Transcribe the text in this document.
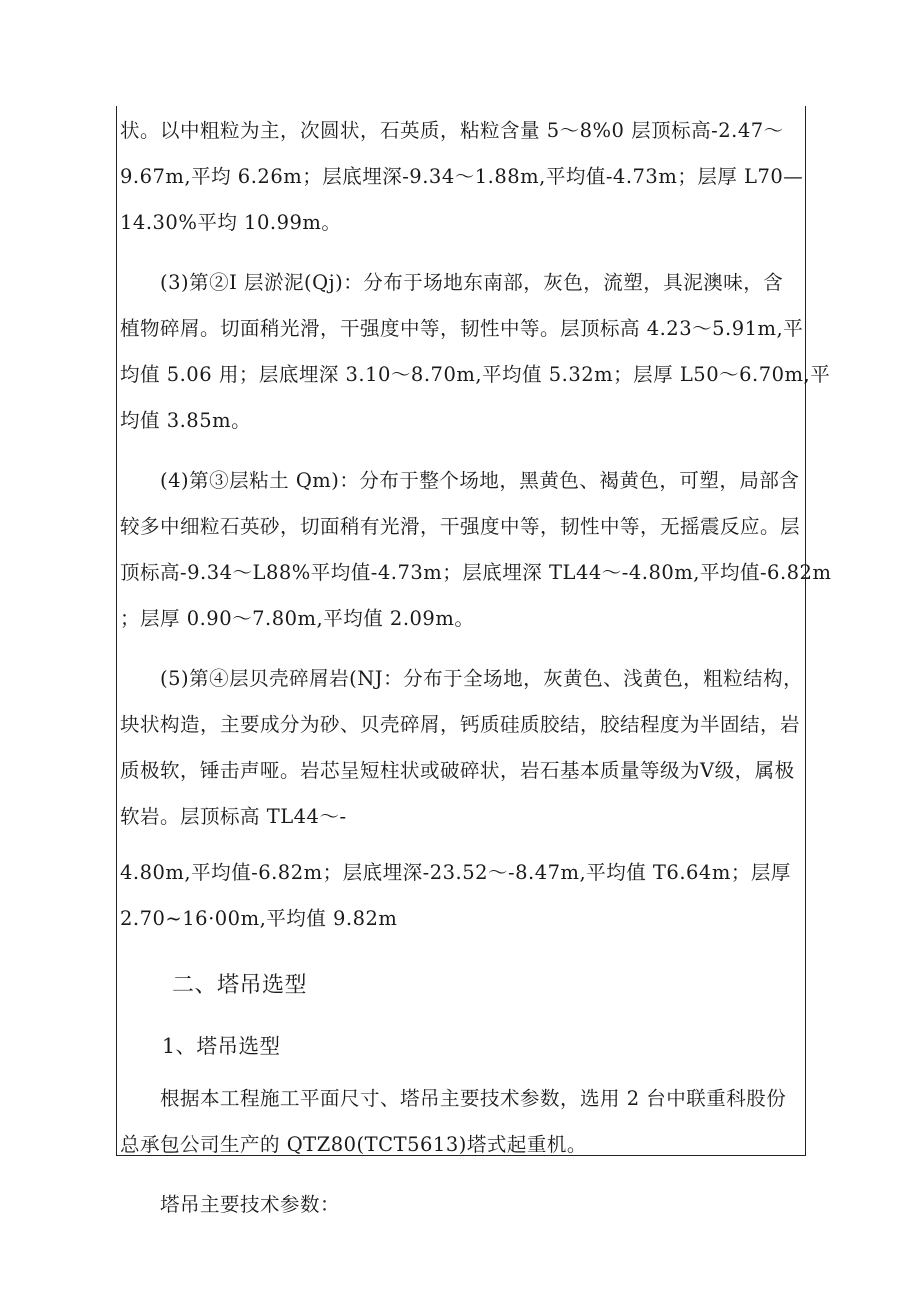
状。以中粗粒为主，次圆状，石英质，粘粒含量 5～8%0 层顶标高-2.47～
9.67m,平均 6.26m；层底埋深-9.34～1.88m,平均值-4.73m；层厚 L70—
14.30%平均 10.99m。
(3)第②I 层淤泥(Qj)：分布于场地东南部，灰色，流塑，具泥澳味，含
植物碎屑。切面稍光滑，干强度中等，韧性中等。层顶标高 4.23～5.91m,平
均值 5.06 用；层底埋深 3.10～8.70m,平均值 5.32m；层厚 L50～6.70m,平
均值 3.85m。
(4)第③层粘土 Qm)：分布于整个场地，黑黄色、褐黄色，可塑，局部含
较多中细粒石英砂，切面稍有光滑，干强度中等，韧性中等，无摇震反应。层
顶标高-9.34～L88%平均值-4.73m；层底埋深 TL44～-4.80m,平均值-6.82m
；层厚 0.90～7.80m,平均值 2.09m。
(5)第④层贝壳碎屑岩(NJ：分布于全场地，灰黄色、浅黄色，粗粒结构，
块状构造，主要成分为砂、贝壳碎屑，钙质硅质胶结，胶结程度为半固结，岩
质极软，锤击声哑。岩芯呈短柱状或破碎状，岩石基本质量等级为Ⅴ级，属极
软岩。层顶标高 TL44～-
4.80m,平均值-6.82m；层底埋深-23.52～-8.47m,平均值 T6.64m；层厚
2.70~16·00m,平均值 9.82m
二、塔吊选型
1、塔吊选型
根据本工程施工平面尺寸、塔吊主要技术参数，选用 2 台中联重科股份
总承包公司生产的 QTZ80(TCT5613)塔式起重机。
塔吊主要技术参数：
